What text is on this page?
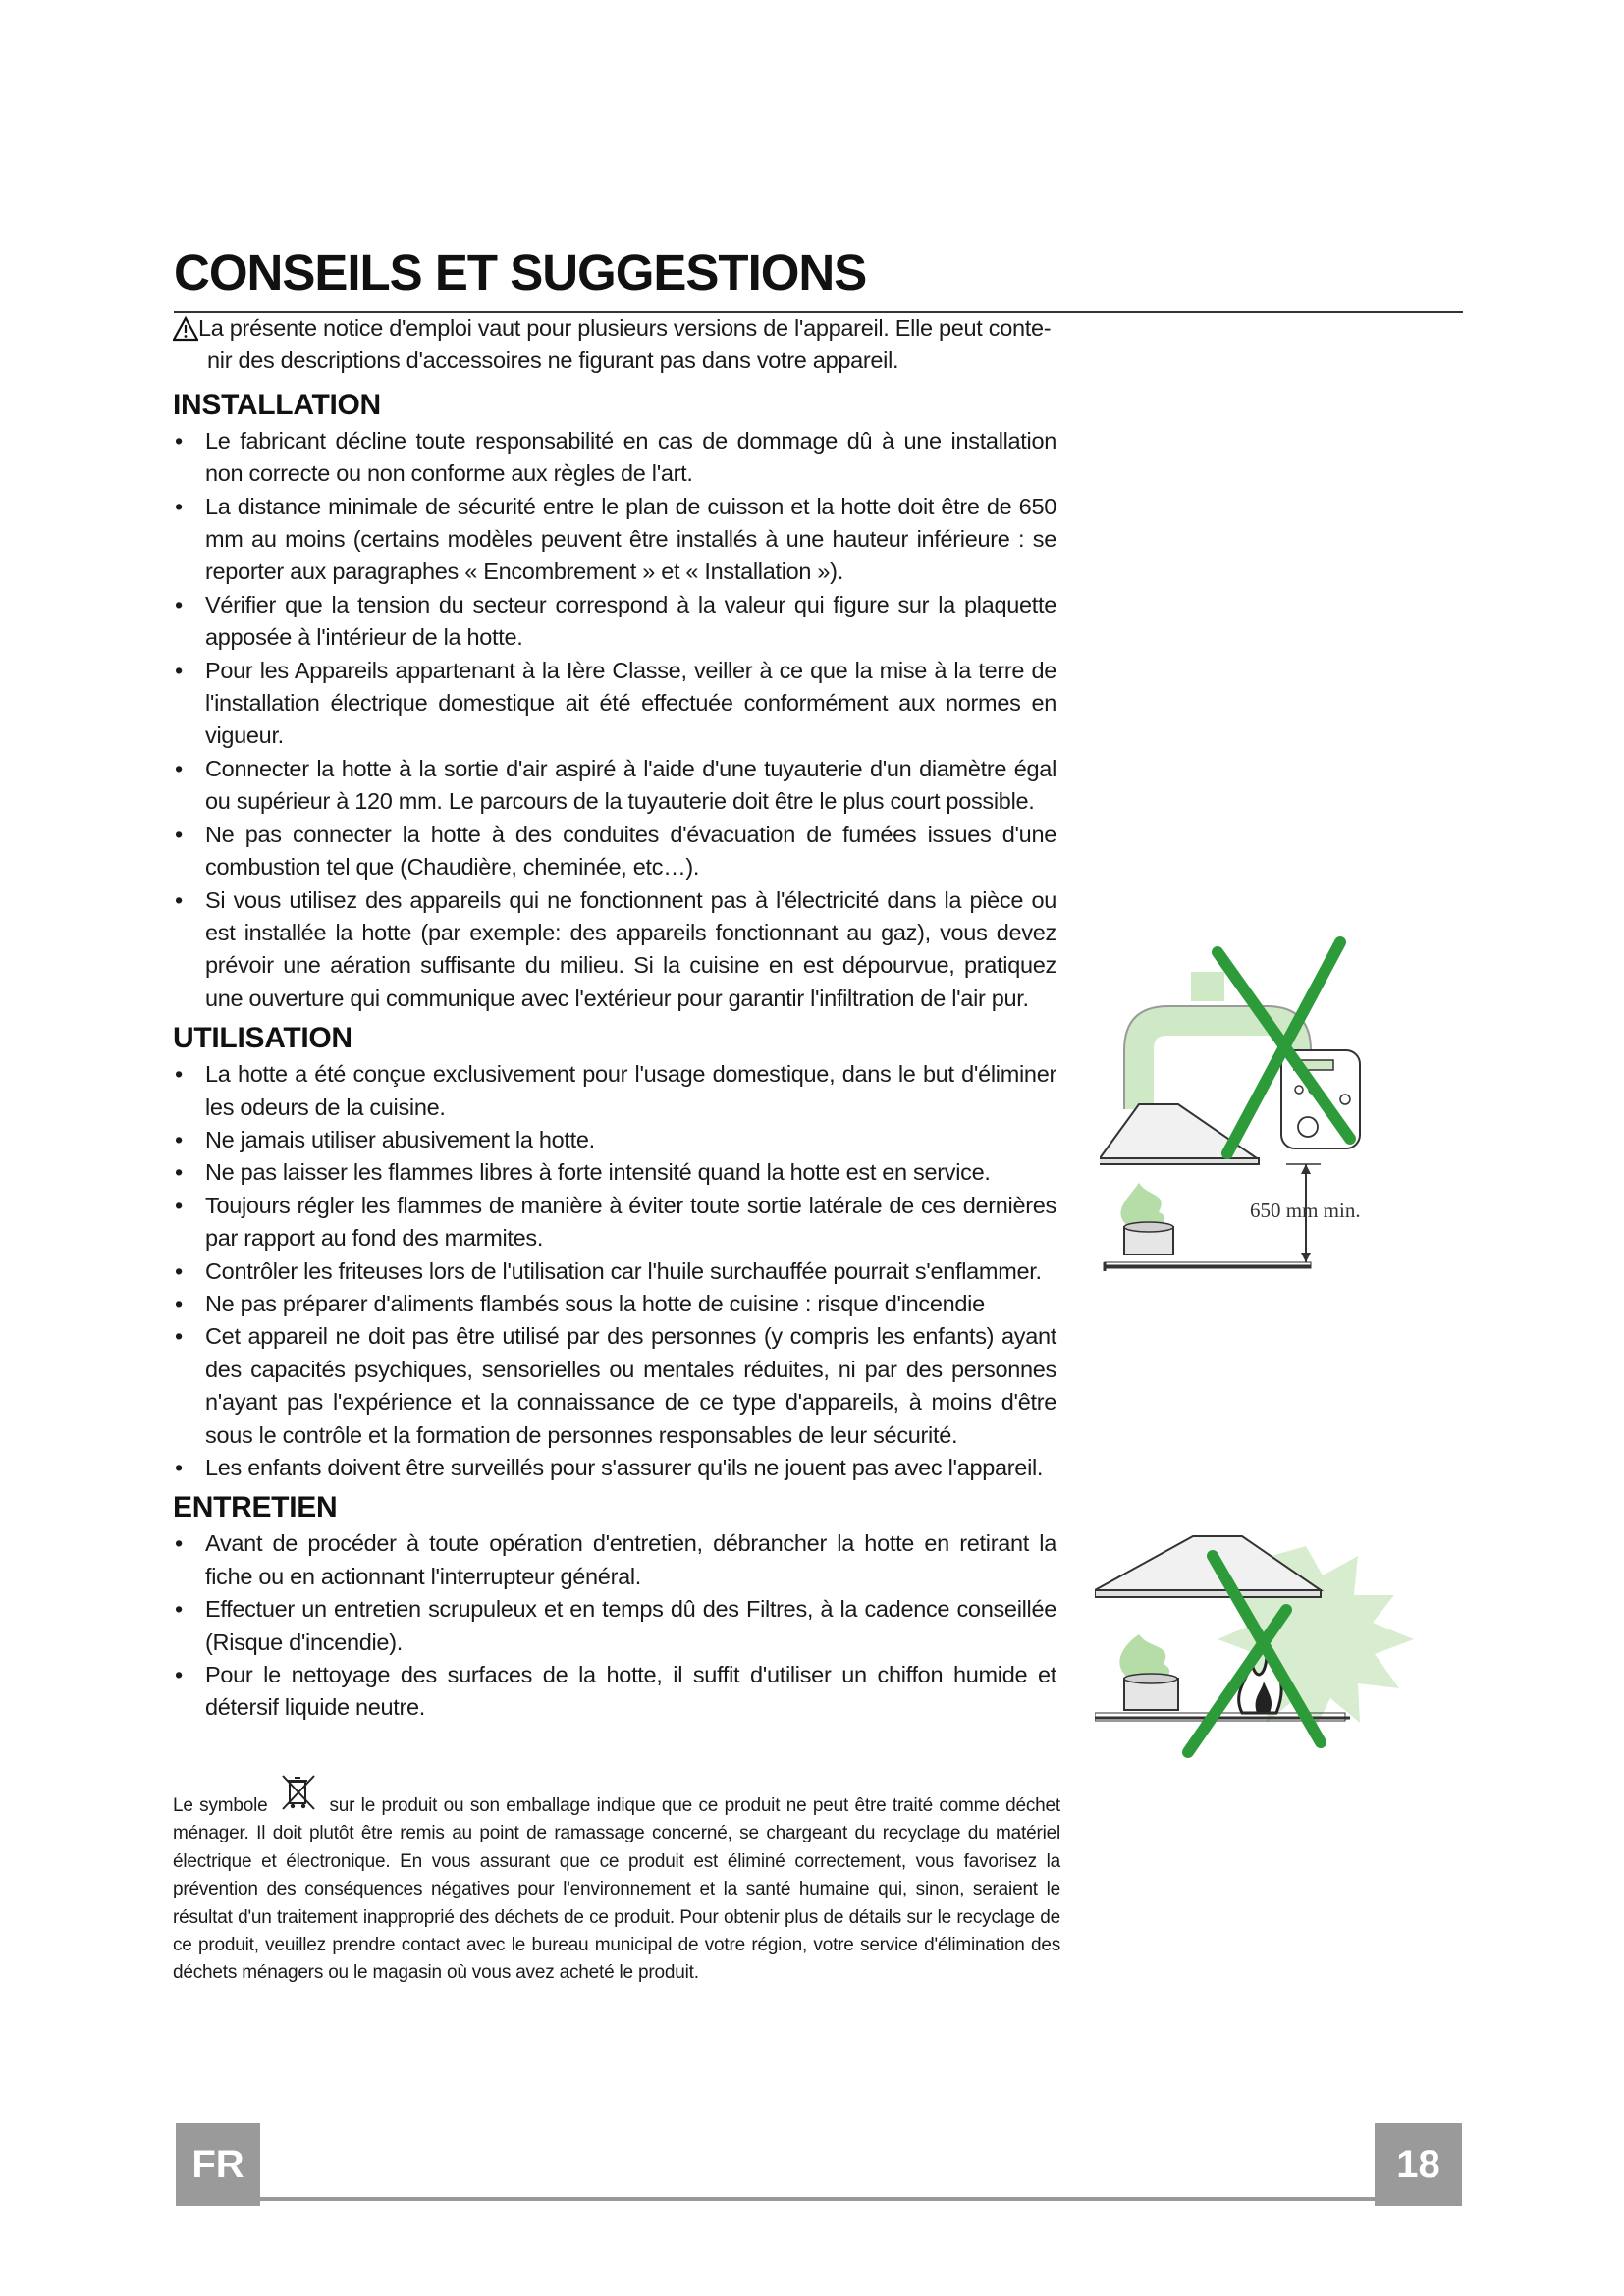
CONSEILS ET SUGGESTIONS
La présente notice d'emploi vaut pour plusieurs versions de l'appareil. Elle peut conte-
nir des descriptions d'accessoires ne figurant pas dans votre appareil.
INSTALLATION
• Le fabricant décline toute responsabilité en cas de dommage dû à une installation non correcte ou non conforme aux règles de l'art.
• La distance minimale de sécurité entre le plan de cuisson et la hotte doit être de 650 mm au moins (certains modèles peuvent être installés à une hauteur inférieure : se reporter aux paragraphes « Encombrement » et « Installation »).
• Vérifier que la tension du secteur correspond à la valeur qui figure sur la plaquette apposée à l'intérieur de la hotte.
• Pour les Appareils appartenant à la Ière Classe, veiller à ce que la mise à la terre de l'installation électrique domestique ait été effectuée conformément aux normes en vigueur.
• Connecter la hotte à la sortie d'air aspiré à l'aide d'une tuyauterie d'un diamètre égal ou supérieur à 120 mm. Le parcours de la tuyauterie doit être le plus court possible.
• Ne pas connecter la hotte à des conduites d'évacuation de fumées issues d'une combustion tel que (Chaudière, cheminée, etc…).
• Si vous utilisez des appareils qui ne fonctionnent pas à l'électricité dans la pièce ou est installée la hotte (par exemple: des appareils fonctionnant au gaz), vous devez prévoir une aération suffisante du milieu. Si la cuisine en est dépourvue, pratiquez une ouverture qui communique avec l'extérieur pour garantir l'infiltration de l'air pur.
UTILISATION
• La hotte a été conçue exclusivement pour l'usage domestique, dans le but d'éliminer les odeurs de la cuisine.
• Ne jamais utiliser abusivement la hotte.
• Ne pas laisser les flammes libres à forte intensité quand la hotte est en service.
• Toujours régler les flammes de manière à éviter toute sortie latérale de ces dernières par rapport au fond des marmites.
• Contrôler les friteuses lors de l'utilisation car l'huile surchauffée pourrait s'enflammer.
• Ne pas préparer d'aliments flambés sous la hotte de cuisine : risque d'incendie
• Cet appareil ne doit pas être utilisé par des personnes (y compris les enfants) ayant des capacités psychiques, sensorielles ou mentales réduites, ni par des personnes n'ayant pas l'expérience et la connaissance de ce type d'appareils, à moins d'être sous le contrôle et la formation de personnes responsables de leur sécurité.
• Les enfants doivent être surveillés pour s'assurer qu'ils ne jouent pas avec l'appareil.
ENTRETIEN
• Avant de procéder à toute opération d'entretien, débrancher la hotte en retirant la fiche ou en actionnant l'interrupteur général.
• Effectuer un entretien scrupuleux et en temps dû des Filtres, à la cadence conseillée (Risque d'incendie).
• Pour le nettoyage des surfaces de la hotte, il suffit d'utiliser un chiffon humide et détersif liquide neutre.
Le symbole	sur le produit ou son emballage indique que ce produit ne peut être traité comme déchet ménager. Il doit plutôt être remis au point de ramassage concerné, se chargeant du recyclage du matériel électrique et électronique. En vous assurant que ce produit est éliminé correctement, vous favorisez la prévention des conséquences négatives pour l'environnement et la santé humaine qui, sinon, seraient le résultat d'un traitement inapproprié des déchets de ce produit. Pour obtenir plus de détails sur le recyclage de ce produit, veuillez prendre contact avec le bureau municipal de votre région, votre service d'élimination des déchets ménagers ou le magasin où vous avez acheté le produit.
650 mm min.
FR	18
